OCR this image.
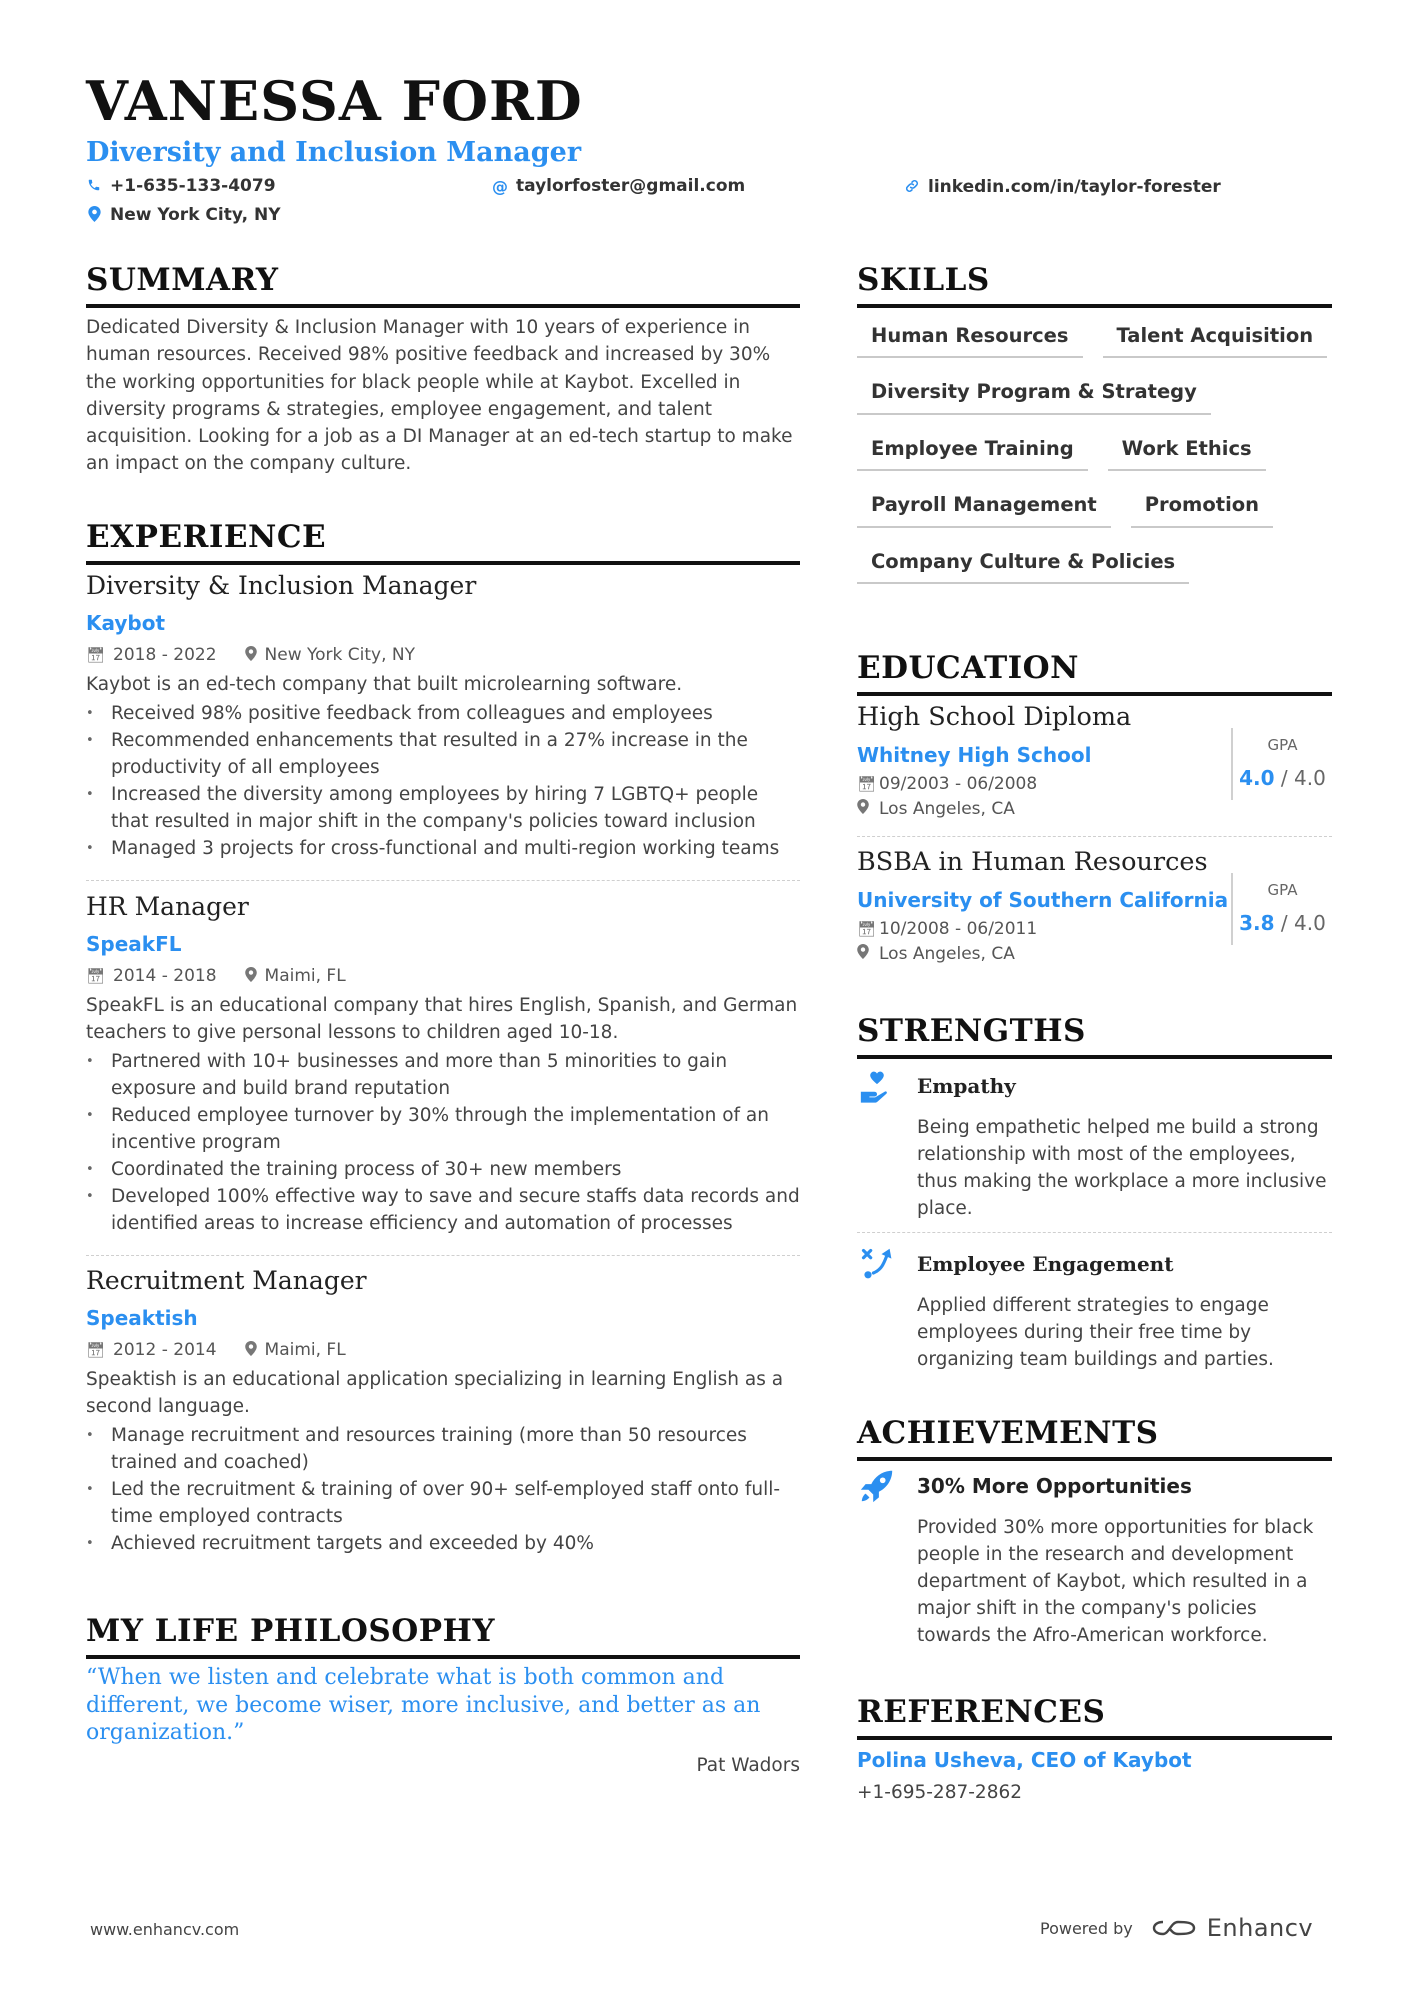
VANESSA FORD
Diversity and Inclusion Manager
+1-635-133-4079	@ taylorfoster@gmail.com	linkedin.com/in/taylor-forester
New York City, NY
SUMMARY
Dedicated Diversity & Inclusion Manager with 10 years of experience in human resources. Received 98% positive feedback and increased by 30% the working opportunities for black people while at Kaybot. Excelled in diversity programs & strategies, employee engagement, and talent acquisition. Looking for a job as a DI Manager at an ed-tech startup to make an impact on the company culture.
EXPERIENCE
Diversity & Inclusion Manager
Kaybot
📅︎ 2018 - 2022	New York City, NY
Kaybot is an ed-tech company that built microlearning software.
• Received 98% positive feedback from colleagues and employees
• Recommended enhancements that resulted in a 27% increase in the productivity of all employees
• Increased the diversity among employees by hiring 7 LGBTQ+ people that resulted in major shift in the company's policies toward inclusion
• Managed 3 projects for cross-functional and multi-region working teams
HR Manager
SpeakFL
📅︎ 2014 - 2018	Maimi, FL
SpeakFL is an educational company that hires English, Spanish, and German teachers to give personal lessons to children aged 10-18.
• Partnered with 10+ businesses and more than 5 minorities to gain exposure and build brand reputation
• Reduced employee turnover by 30% through the implementation of an incentive program
• Coordinated the training process of 30+ new members
• Developed 100% effective way to save and secure staffs data records and identified areas to increase efficiency and automation of processes
Recruitment Manager
Speaktish
📅︎ 2012 - 2014	Maimi, FL
Speaktish is an educational application specializing in learning English as a second language.
• Manage recruitment and resources training (more than 50 resources trained and coached)
• Led the recruitment & training of over 90+ self-employed staff onto full-time employed contracts
• Achieved recruitment targets and exceeded by 40%
MY LIFE PHILOSOPHY
“When we listen and celebrate what is both common and different, we become wiser, more inclusive, and better as an organization.”
Pat Wadors
SKILLS
Human Resources	Talent Acquisition
Diversity Program & Strategy
Employee Training	Work Ethics
Payroll Management	Promotion
Company Culture & Policies
EDUCATION
High School Diploma
Whitney High School
📅︎ 09/2003 - 06/2008
Los Angeles, CA
GPA
4.0 / 4.0
BSBA in Human Resources
University of Southern California
📅︎ 10/2008 - 06/2011
Los Angeles, CA
GPA
3.8 / 4.0
STRENGTHS
Empathy
Being empathetic helped me build a strong relationship with most of the employees, thus making the workplace a more inclusive place.
Employee Engagement
Applied different strategies to engage employees during their free time by organizing team buildings and parties.
ACHIEVEMENTS
30% More Opportunities
Provided 30% more opportunities for black people in the research and development department of Kaybot, which resulted in a major shift in the company's policies towards the Afro-American workforce.
REFERENCES
Polina Usheva, CEO of Kaybot
+1-695-287-2862
www.enhancv.com	Powered by	Enhancv
